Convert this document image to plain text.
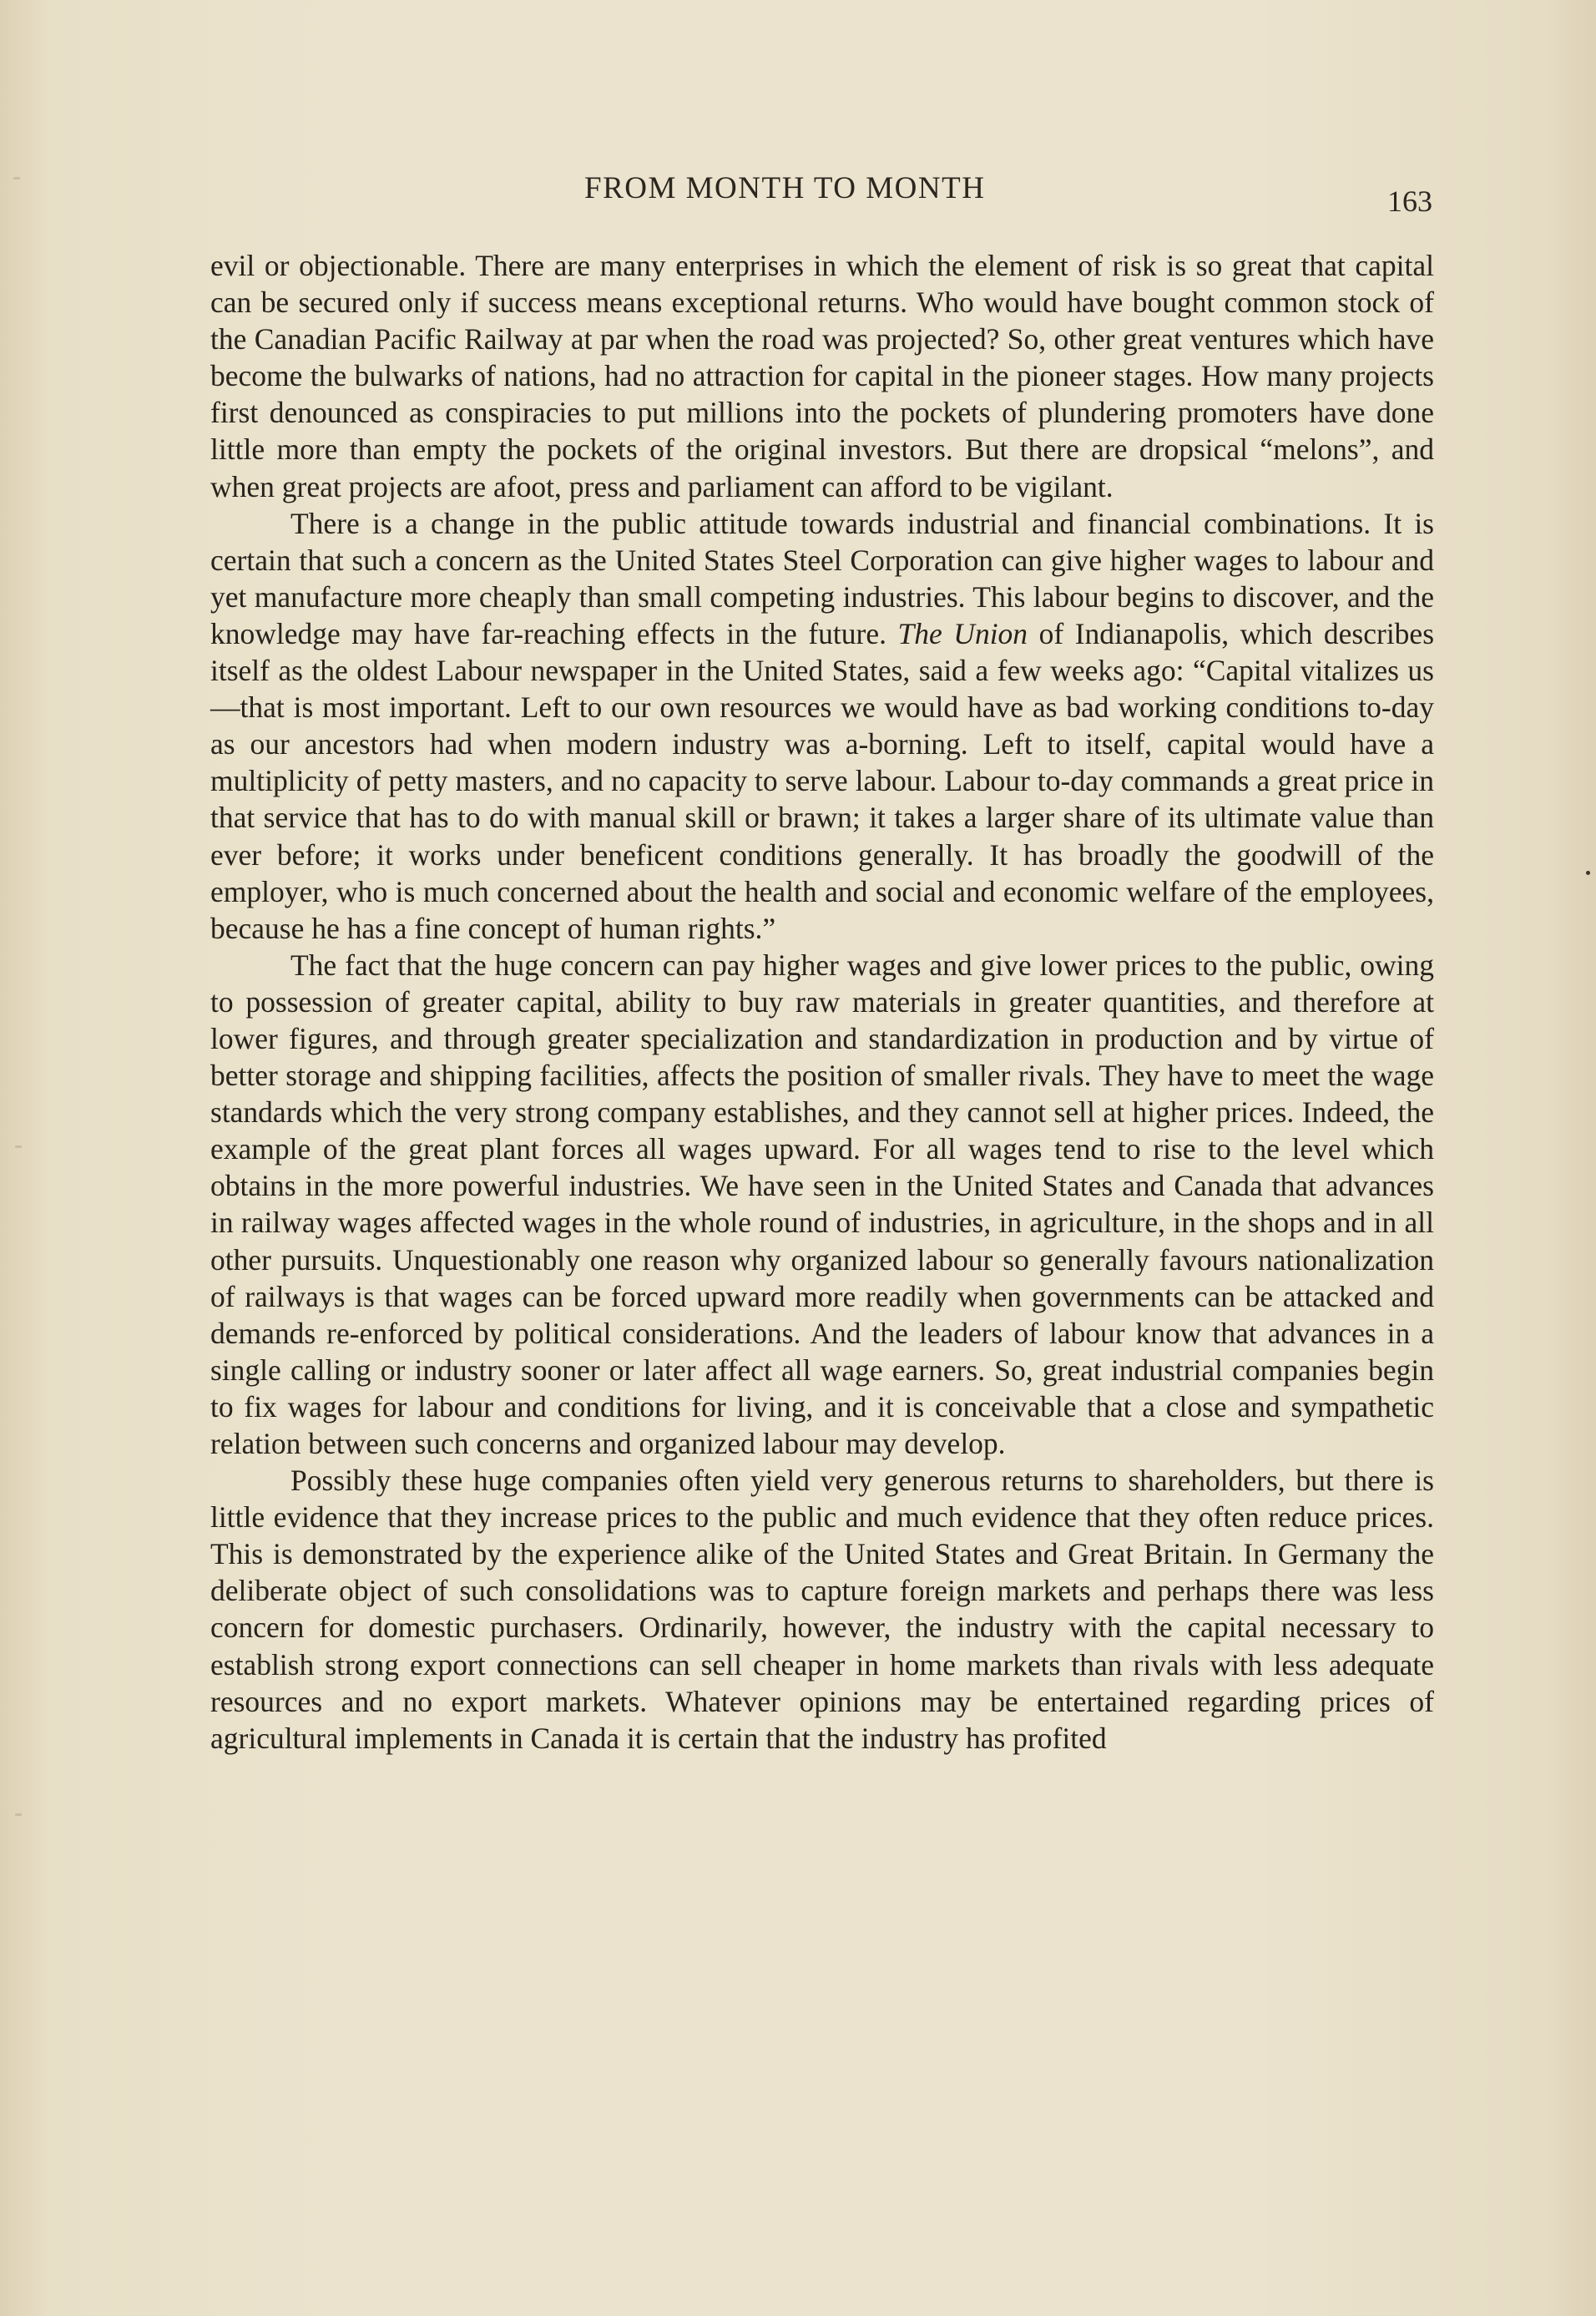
FROM MONTH TO MONTH	163

evil or objectionable. There are many enterprises in which the element of risk is so great that capital can be secured only if success means exceptional returns. Who would have bought common stock of the Canadian Pacific Railway at par when the road was projected? So, other great ventures which have become the bulwarks of nations, had no attraction for capital in the pioneer stages. How many projects first denounced as conspiracies to put millions into the pockets of plundering promoters have done little more than empty the pockets of the original investors. But there are dropsical “melons”, and when great projects are afoot, press and parliament can afford to be vigilant.

There is a change in the public attitude towards industrial and financial combinations. It is certain that such a concern as the United States Steel Corporation can give higher wages to labour and yet manufacture more cheaply than small competing industries. This labour begins to discover, and the knowledge may have far-reaching effects in the future. The Union of Indianapolis, which describes itself as the oldest Labour newspaper in the United States, said a few weeks ago: “Capital vitalizes us—that is most important. Left to our own resources we would have as bad working conditions to-day as our ancestors had when modern industry was a-borning. Left to itself, capital would have a multiplicity of petty masters, and no capacity to serve labour. Labour to-day commands a great price in that service that has to do with manual skill or brawn; it takes a larger share of its ultimate value than ever before; it works under beneficent conditions generally. It has broadly the goodwill of the employer, who is much concerned about the health and social and economic welfare of the employees, because he has a fine concept of human rights.”

The fact that the huge concern can pay higher wages and give lower prices to the public, owing to possession of greater capital, ability to buy raw materials in greater quantities, and therefore at lower figures, and through greater specialization and standardization in production and by virtue of better storage and shipping facilities, affects the position of smaller rivals. They have to meet the wage standards which the very strong company establishes, and they cannot sell at higher prices. Indeed, the example of the great plant forces all wages upward. For all wages tend to rise to the level which obtains in the more powerful industries. We have seen in the United States and Canada that advances in railway wages affected wages in the whole round of industries, in agriculture, in the shops and in all other pursuits. Unquestionably one reason why organized labour so generally favours nationalization of railways is that wages can be forced upward more readily when governments can be attacked and demands re-enforced by political considerations. And the leaders of labour know that advances in a single calling or industry sooner or later affect all wage earners. So, great industrial companies begin to fix wages for labour and conditions for living, and it is conceivable that a close and sympathetic relation between such concerns and organized labour may develop.

Possibly these huge companies often yield very generous returns to shareholders, but there is little evidence that they increase prices to the public and much evidence that they often reduce prices. This is demonstrated by the experience alike of the United States and Great Britain. In Germany the deliberate object of such consolidations was to capture foreign markets and perhaps there was less concern for domestic purchasers. Ordinarily, however, the industry with the capital necessary to establish strong export connections can sell cheaper in home markets than rivals with less adequate resources and no export markets. Whatever opinions may be entertained regarding prices of agricultural implements in Canada it is certain that the industry has profited
